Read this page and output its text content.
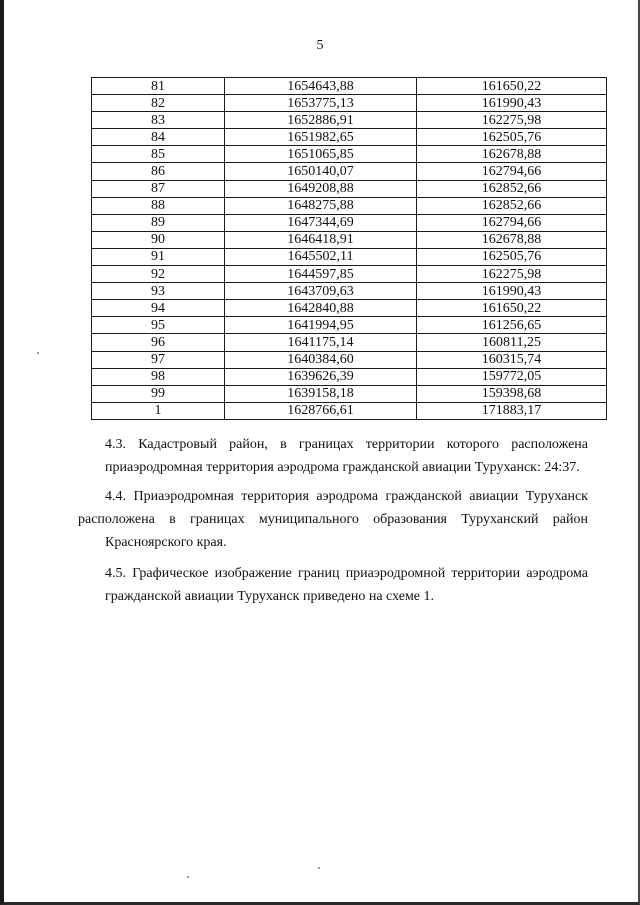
5
81	1654643,88	161650,22
82	1653775,13	161990,43
83	1652886,91	162275,98
84	1651982,65	162505,76
85	1651065,85	162678,88
86	1650140,07	162794,66
87	1649208,88	162852,66
88	1648275,88	162852,66
89	1647344,69	162794,66
90	1646418,91	162678,88
91	1645502,11	162505,76
92	1644597,85	162275,98
93	1643709,63	161990,43
94	1642840,88	161650,22
95	1641994,95	161256,65
96	1641175,14	160811,25
97	1640384,60	160315,74
98	1639626,39	159772,05
99	1639158,18	159398,68
1	1628766,61	171883,17
4.3. Кадастровый район, в границах территории которого расположена
приаэродромная территория аэродрома гражданской авиации Туруханск: 24:37.
4.4. Приаэродромная территория аэродрома гражданской авиации Туруханск расположена в границах муниципального образования Туруханский район
Красноярского края.
4.5. Графическое изображение границ приаэродромной территории аэродрома
гражданской авиации Туруханск приведено на схеме 1.
